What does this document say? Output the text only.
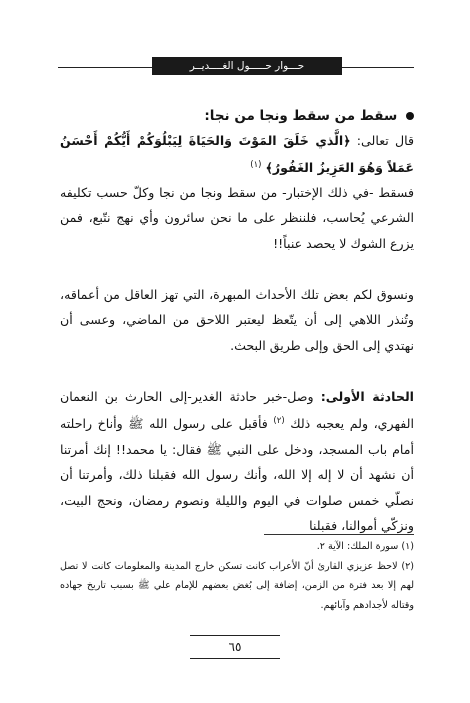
حـــوار حـــــول الغــــديــر
سقط من سقط ونجا من نجا:
قال تعالى: ﴿الَّذي خَلَقَ المَوْتَ وَالحَيَاةَ لِيَبْلُوَكُمْ أَيُّكُمْ أَحْسَنُ عَمَلاً وَهُوَ العَزِيزُ الغَفُورُ﴾ $^{(١)}$
فسقط -في ذلك الإختبار- من سقط ونجا من نجا وكلّ حسب تكليفه الشرعي يُحاسب، فلننظر على ما نحن سائرون وأي نهج نتّبع، فمن يزرع الشوك لا يحصد عنباً!!
ونسوق لكم بعض تلك الأحداث المبهرة، التي تهز العاقل من أعماقه، وتُنذر اللاهي إلى أن يتّعظ ليعتبر اللاحق من الماضي، وعسى أن نهتدي إلى الحق وإلى طريق البحث.
الحادثة الأولى: وصل-خبر حادثة الغدير-إلى الحارث بن النعمان الفهري، ولم يعجبه ذلك $^{(٢)}$ فأقبل على رسول الله ﷺ وأناخ راحلته أمام باب المسجد، ودخل على النبي ﷺ فقال: يا محمد!! إنك أمرتنا أن نشهد أن لا إله إلا الله، وأنك رسول الله فقبلنا ذلك، وأمرتنا أن نصلّي خمس صلوات في اليوم والليلة ونصوم رمضان، ونحج البيت، ونزكّي أموالنا، فقبلنا

(١) سورة الملك: الآية ٢.

(٢) لاحظ عزيزي القارئ أنّ الأعراب كانت تسكن خارج المدينة والمعلومات كانت لا تصل لهم إلا بعد فترة من الزمن، إضافة إلى بُغض بعضهم للإمام علي ﷺ بسبب تاريخ جهاده وقتاله لأجدادهم وآبائهم.

٦٥
